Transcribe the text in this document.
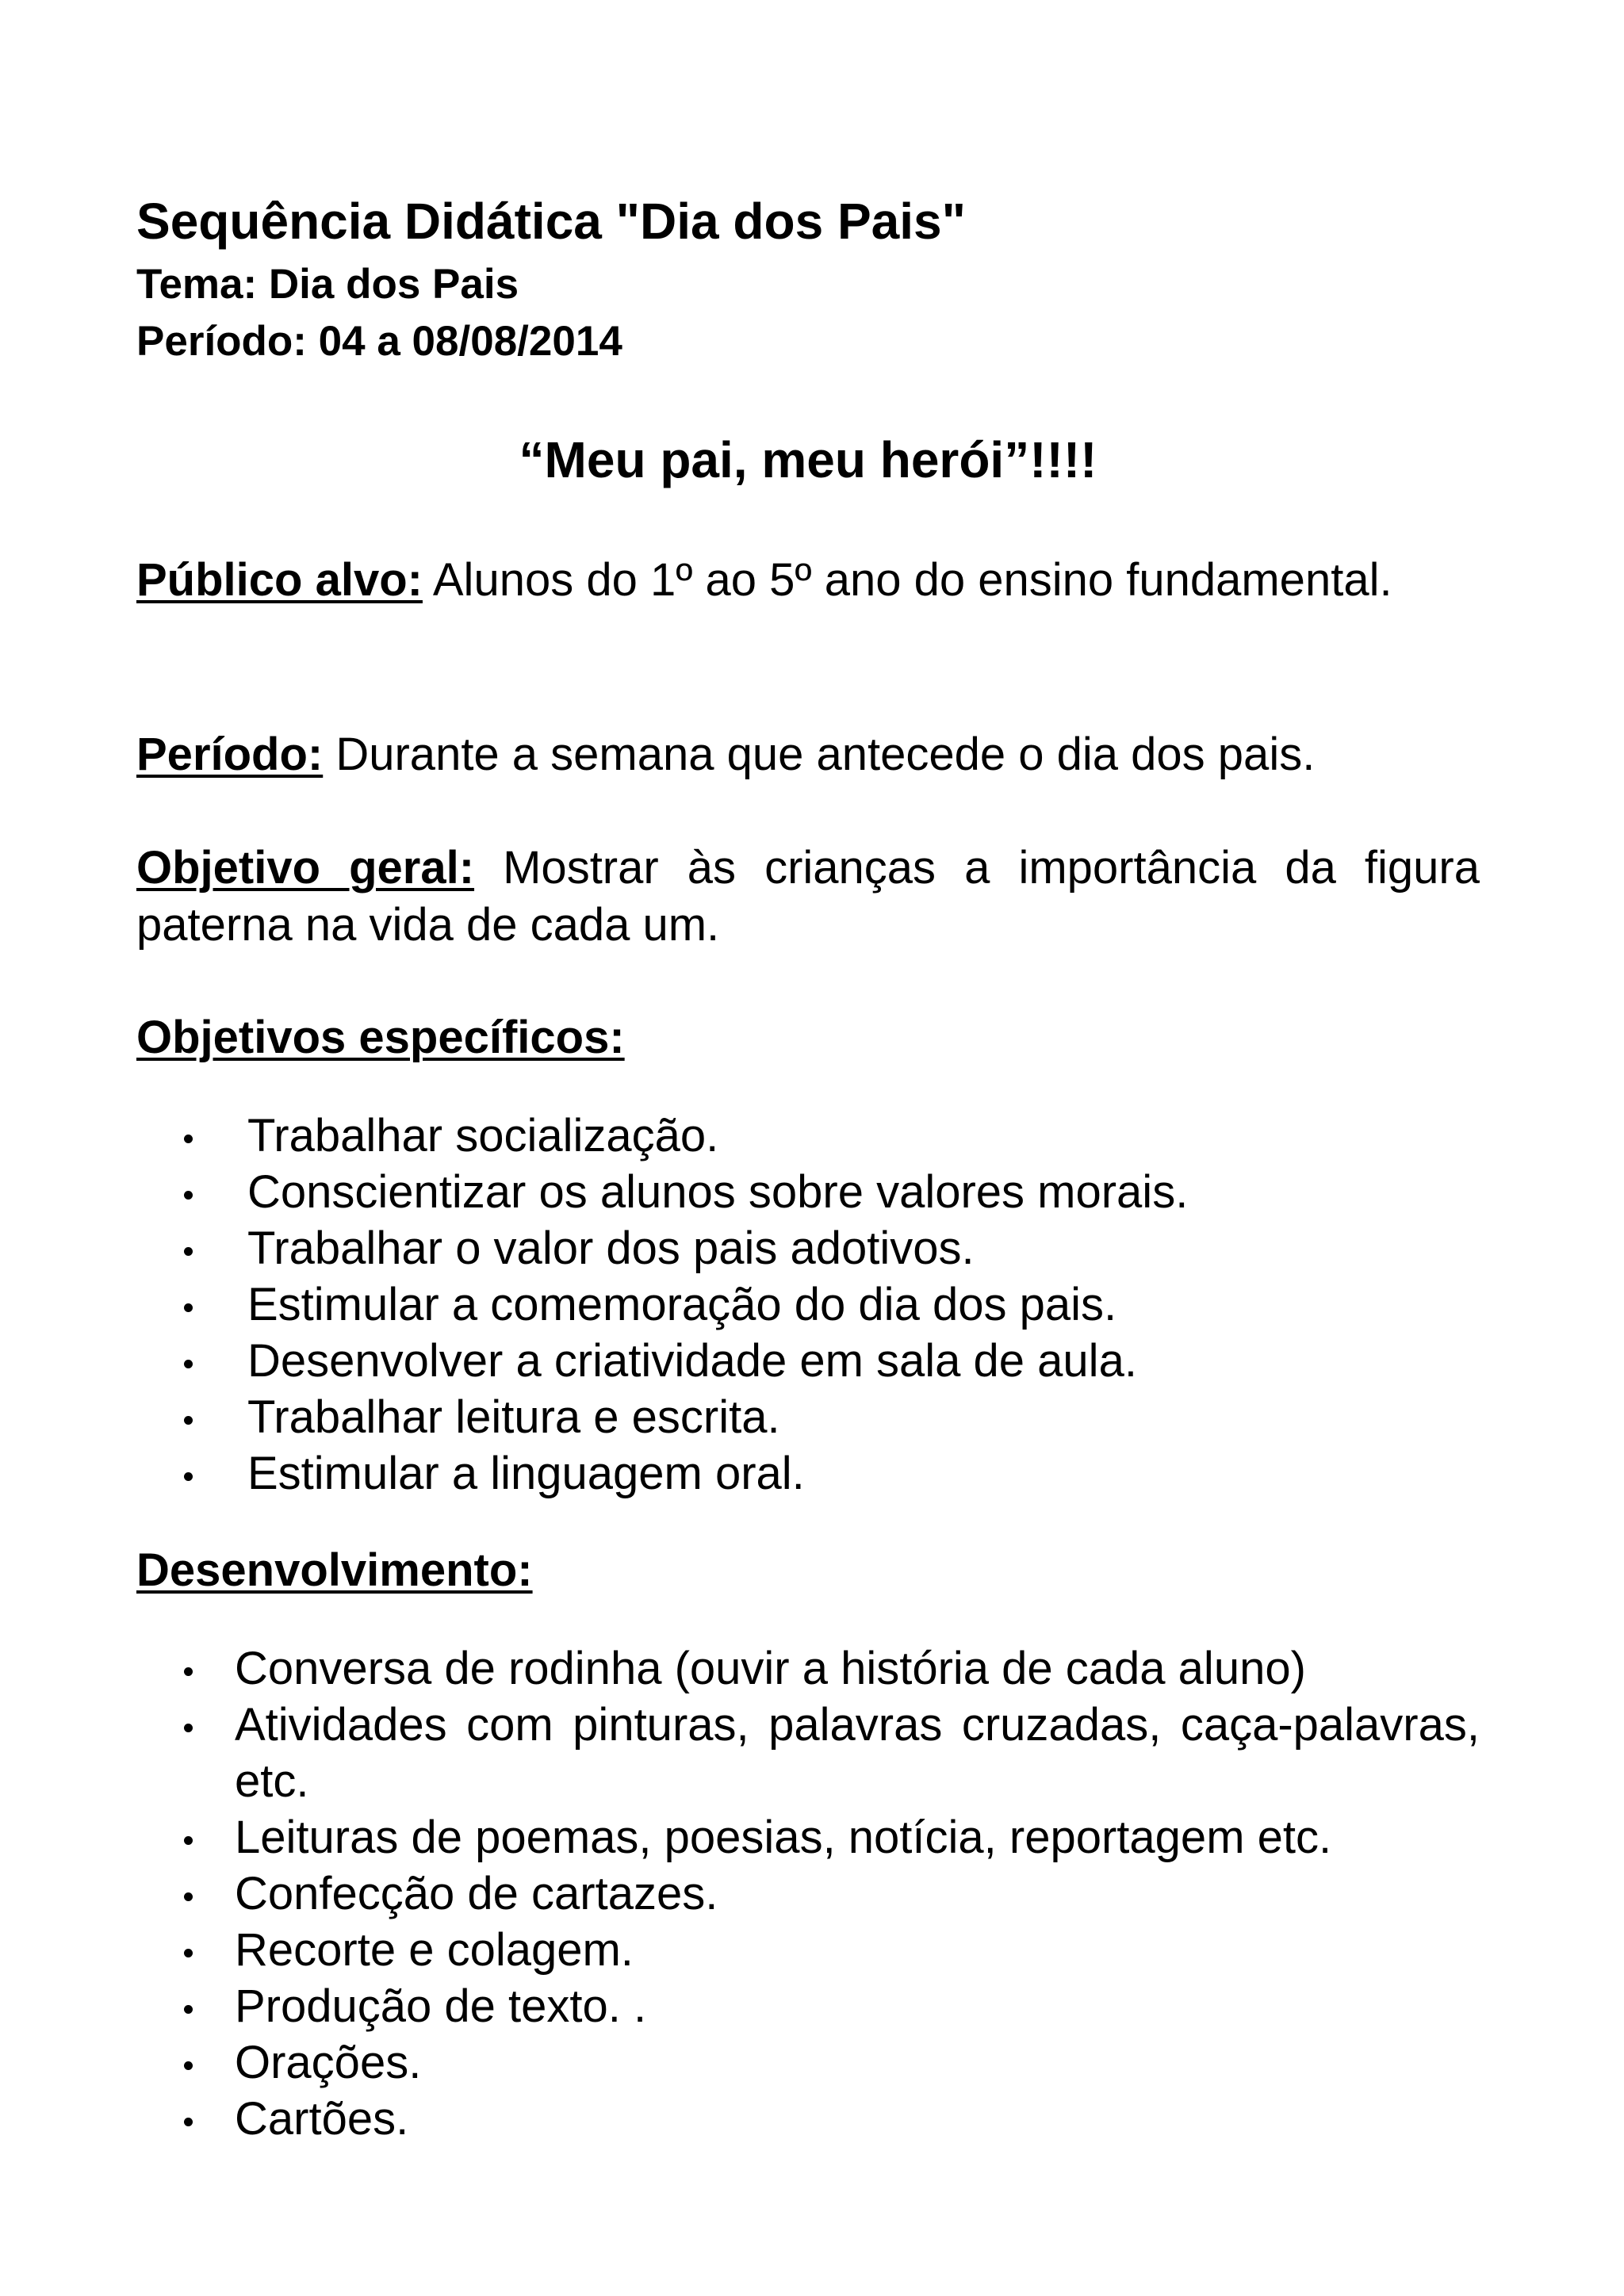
Sequência Didática "Dia dos Pais"

Tema: Dia dos Pais

Período: 04 a 08/08/2014

“Meu pai, meu herói”!!!!

Público alvo: Alunos do 1º ao 5º ano do ensino fundamental.

Período: Durante a semana que antecede o dia dos pais.

Objetivo geral: Mostrar às crianças a importância da figura paterna na vida de cada um.

Objetivos específicos:
Trabalhar socialização.
Conscientizar os alunos sobre valores morais.
Trabalhar o valor dos pais adotivos.
Estimular a comemoração do dia dos pais.
Desenvolver a criatividade em sala de aula.
Trabalhar leitura e escrita.
Estimular a linguagem oral.
Desenvolvimento:
Conversa de rodinha (ouvir a história de cada aluno)
Atividades com pinturas, palavras cruzadas, caça-palavras, etc.
Leituras de poemas, poesias, notícia, reportagem etc.
Confecção de cartazes.
Recorte e colagem.
Produção de texto. .
Orações.
Cartões.
